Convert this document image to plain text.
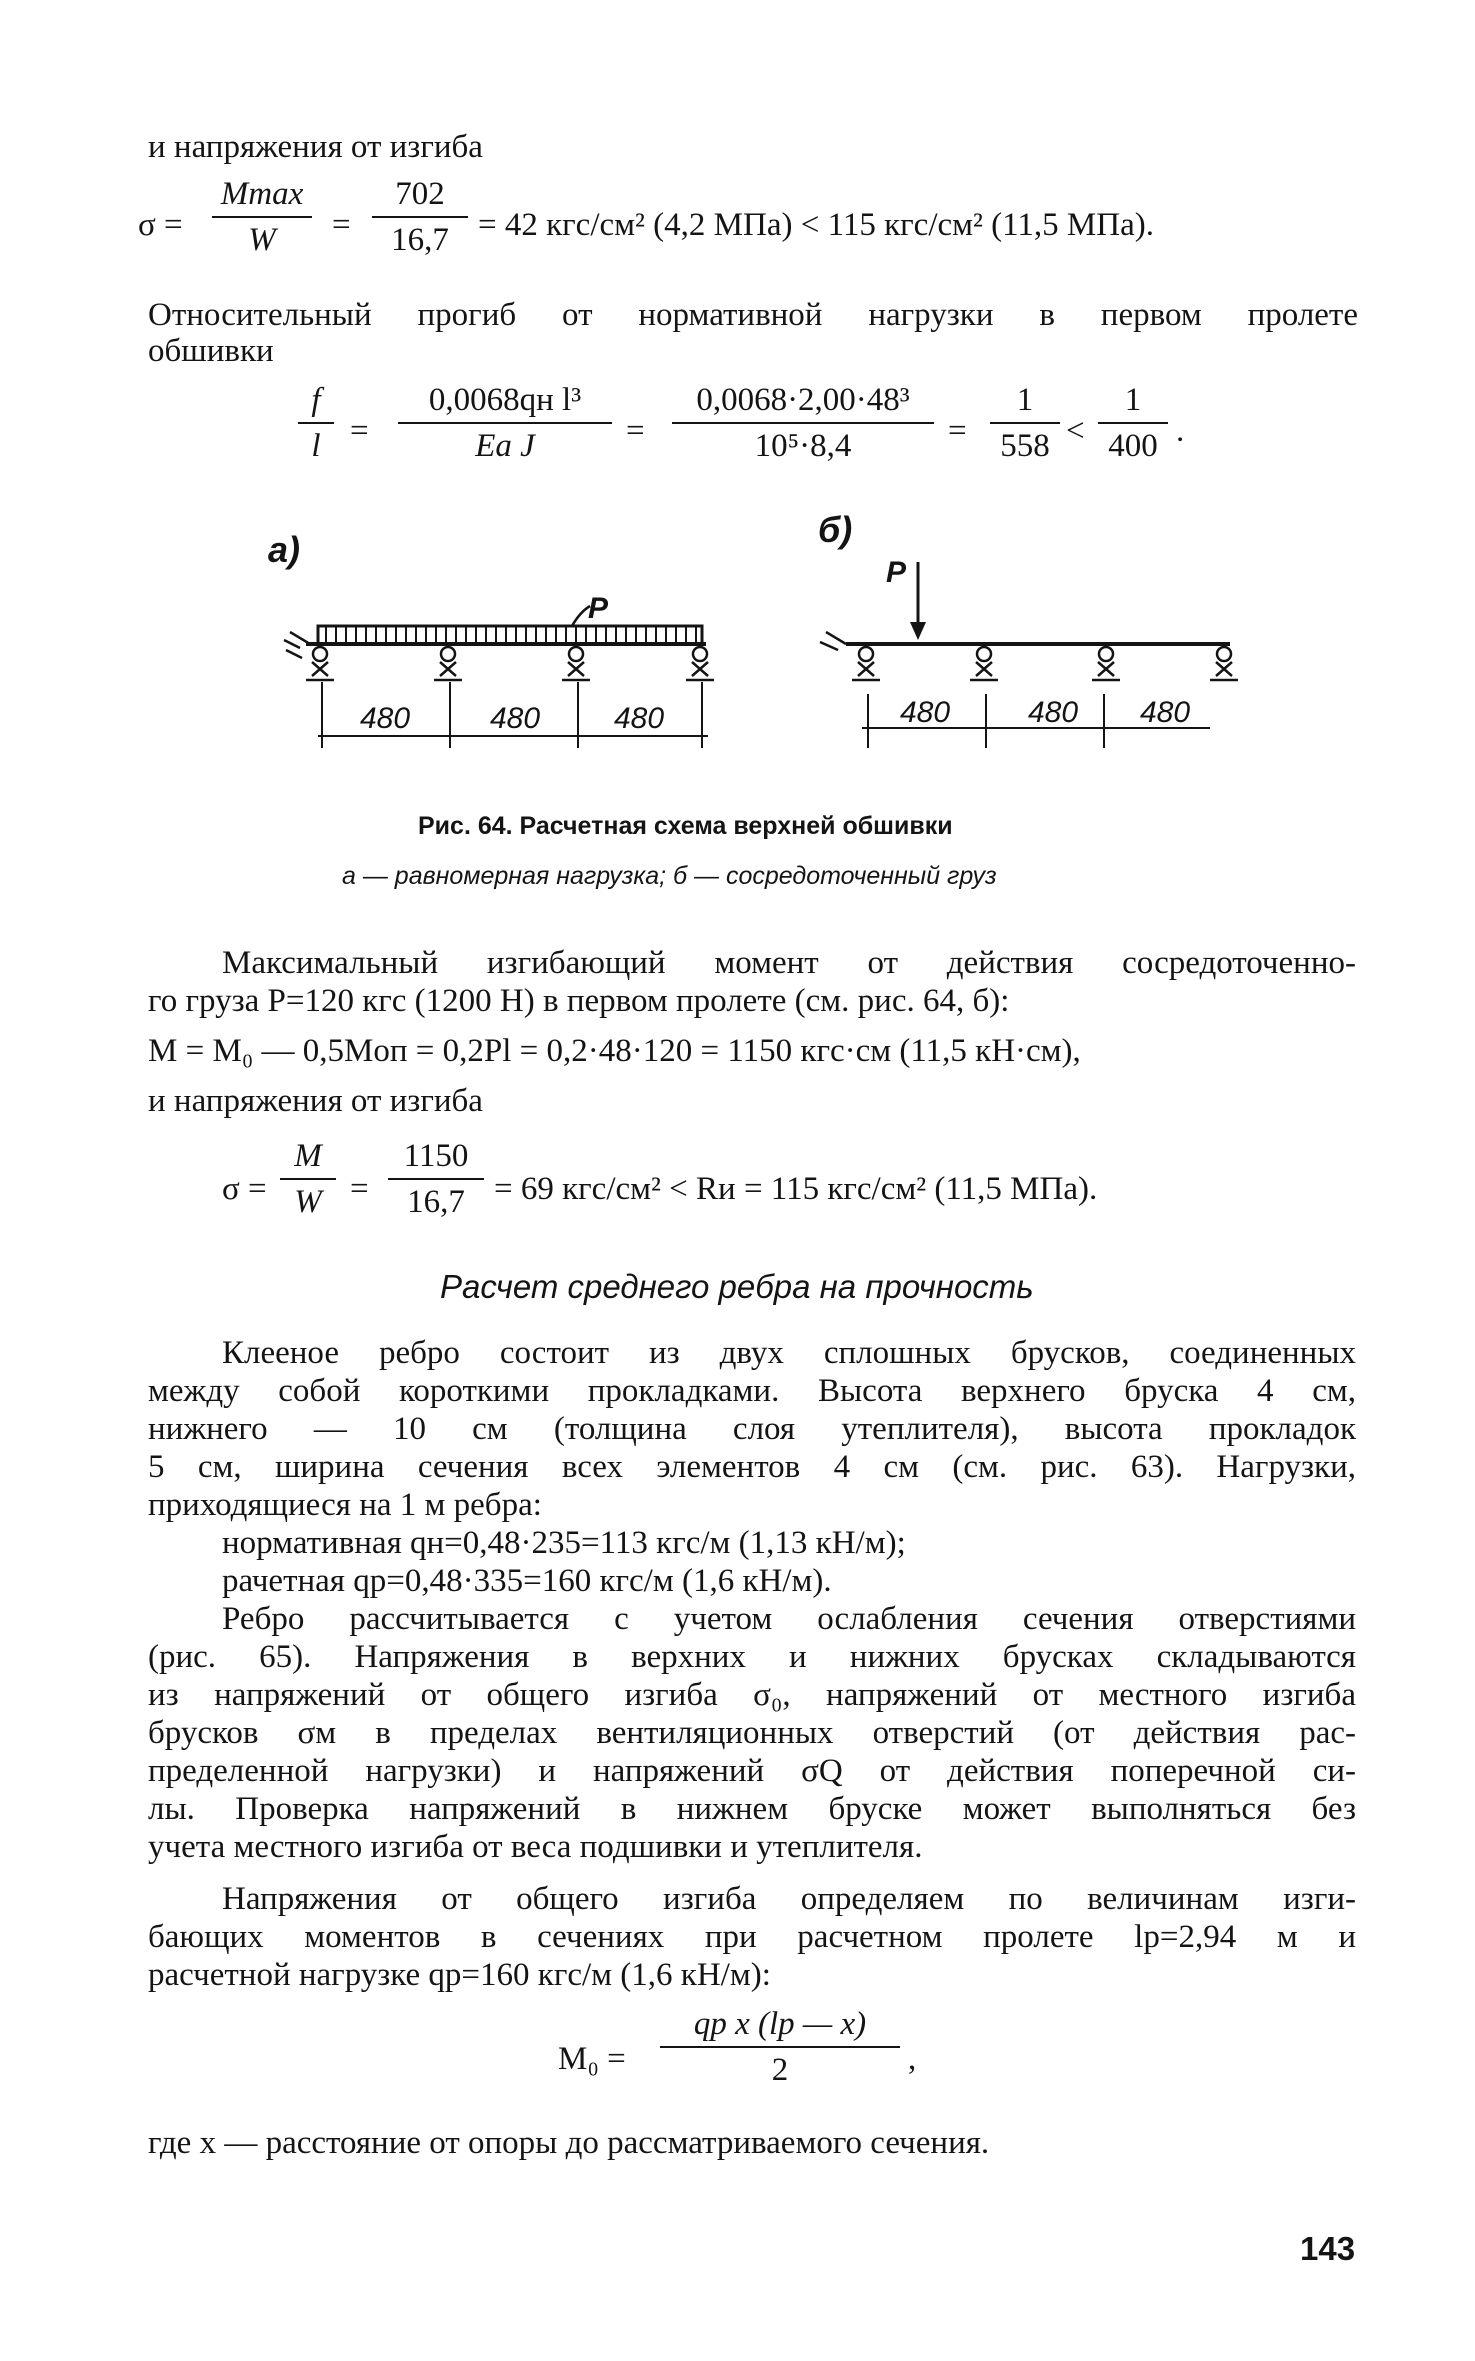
и напряжения от изгиба
σ =
Mmax
W =
702
16,7 = 42 кгс/см² (4,2 МПа) < 115 кгс/см² (11,5 МПа).
Относительный прогиб от нормативной нагрузки в первом пролете
обшивки
f
l =
0,0068qн l³
Eа J	=
0,0068·2,00·48³
10⁵·8,4	=
1
558 <
1
400 .
а)	б)
P
P
480	480 480	480	480 480
Рис. 64. Расчетная схема верхней обшивки
а — равномерная нагрузка; б — сосредоточенный груз
Максимальный изгибающий момент от действия сосредоточенно-
го груза P=120 кгс (1200 Н) в первом пролете (см. рис. 64, б):
M = M₀ — 0,5Mоп = 0,2Pl = 0,2·48·120 = 1150 кгс·см (11,5 кН·см),
и напряжения от изгиба
σ =
M
W =
1150
16,7 = 69 кгс/см² < Rи = 115 кгс/см² (11,5 МПа).
Расчет среднего ребра на прочность
Клееное ребро состоит из двух сплошных брусков, соединенных
между собой короткими прокладками. Высота верхнего бруска 4 см,
нижнего — 10 см (толщина слоя утеплителя), высота прокладок
5 см, ширина сечения всех элементов 4 см (см. рис. 63). Нагрузки,
приходящиеся на 1 м ребра:
нормативная qн=0,48·235=113 кгс/м (1,13 кН/м);
рачетная qр=0,48·335=160 кгс/м (1,6 кН/м).
Ребро рассчитывается с учетом ослабления сечения отверстиями
(рис. 65). Напряжения в верхних и нижних брусках складываются
из напряжений от общего изгиба σ₀, напряжений от местного изгиба
брусков σм в пределах вентиляционных отверстий (от действия рас-
пределенной нагрузки) и напряжений σQ от действия поперечной си-
лы. Проверка напряжений в нижнем бруске может выполняться без
учета местного изгиба от веса подшивки и утеплителя.
Напряжения от общего изгиба определяем по величинам изги-
бающих моментов в сечениях при расчетном пролете lр=2,94 м и
расчетной нагрузке qр=160 кгс/м (1,6 кН/м):
M₀ =
qр x (lр — x)
2	,
где x — расстояние от опоры до рассматриваемого сечения.
143
